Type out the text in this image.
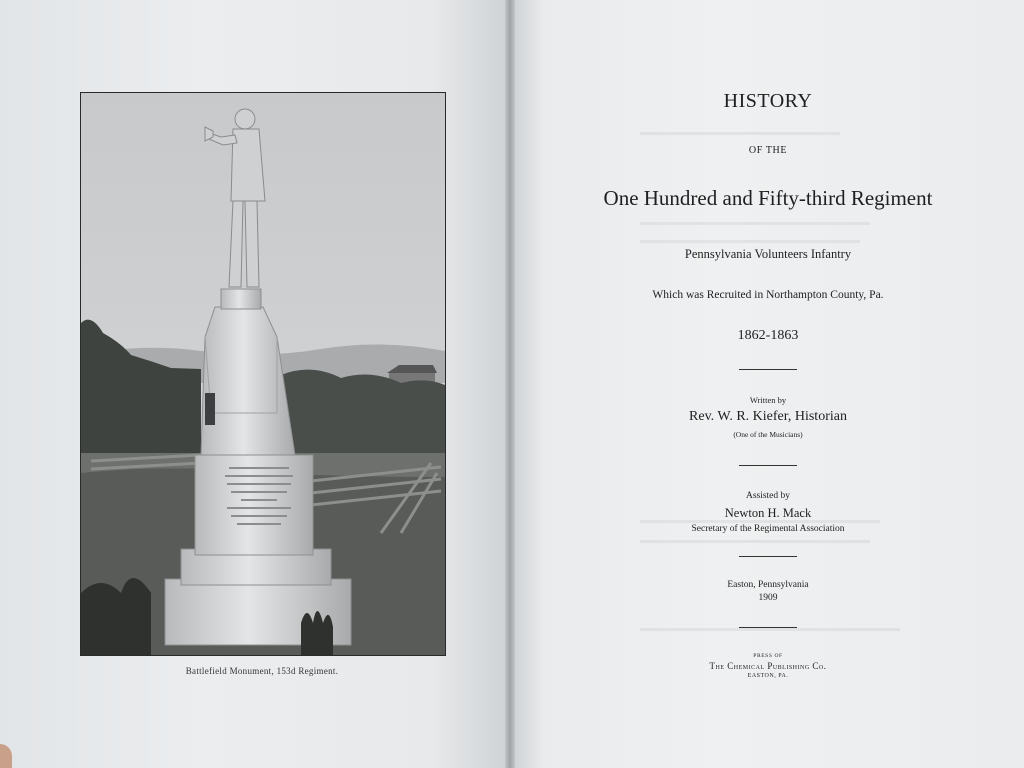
Battlefield Monument, 153d Regiment.
HISTORY
OF THE
One Hundred and Fifty-third Regiment
Pennsylvania Volunteers Infantry
Which was Recruited in Northampton County, Pa.
1862-1863
Written by
Rev. W. R. Kiefer, Historian
(One of the Musicians)
Assisted by
Newton H. Mack
Secretary of the Regimental Association
Easton, Pennsylvania
1909
PRESS OF
The Chemical Publishing Co.
EASTON, PA.
